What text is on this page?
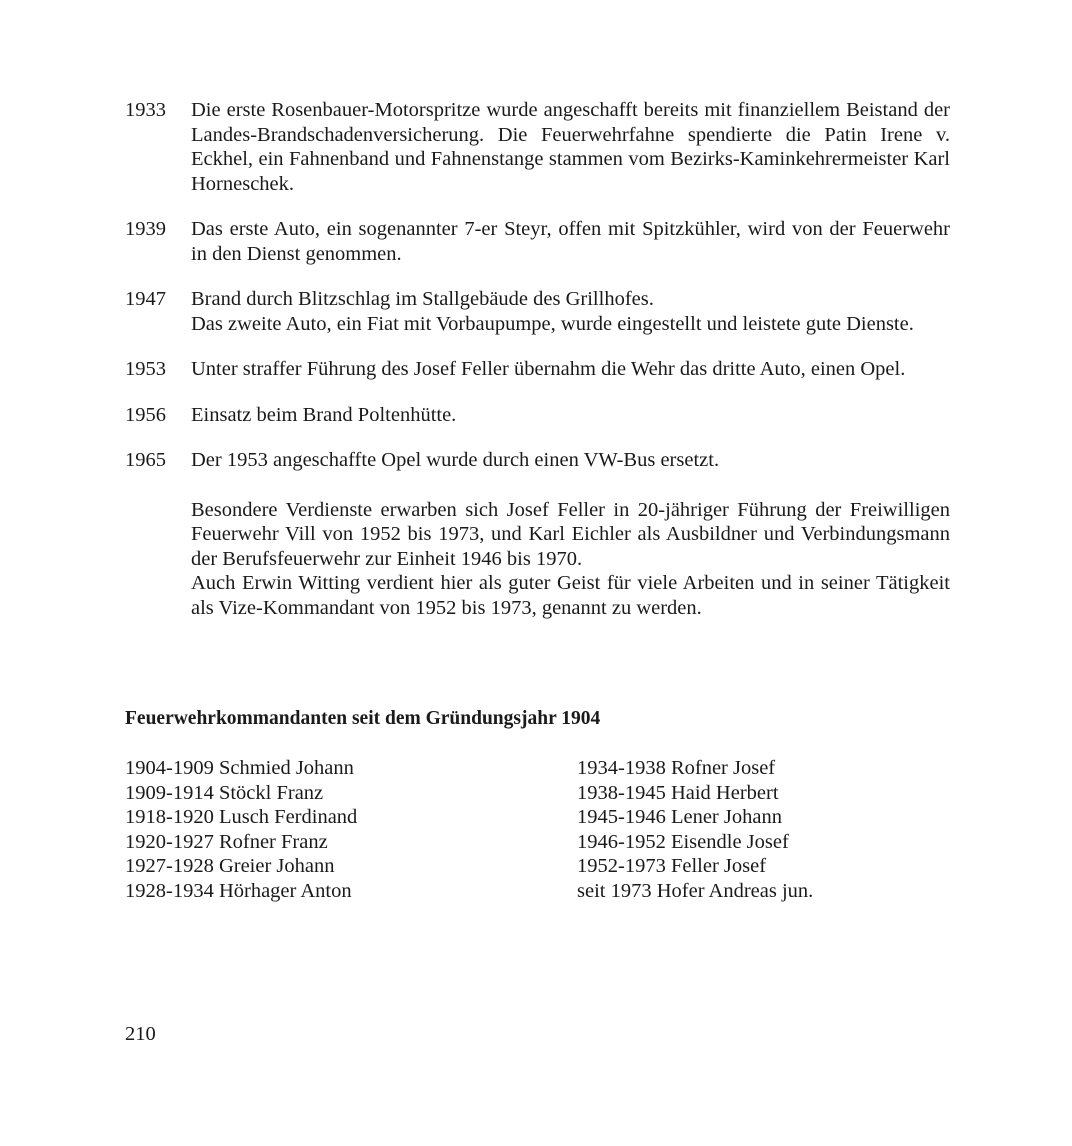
1933	Die erste Rosenbauer-Motorspritze wurde angeschafft bereits mit finanziellem Beistand der Landes-Brandschadenversicherung. Die Feuerwehrfahne spendierte die Patin Irene v. Eckhel, ein Fahnenband und Fahnenstange stammen vom Bezirks-Kaminkehrermeister Karl Horneschek.

1939	Das erste Auto, ein sogenannter 7-er Steyr, offen mit Spitzkühler, wird von der Feuerwehr in den Dienst genommen.

1947	Brand durch Blitzschlag im Stallgebäude des Grillhofes.

Das zweite Auto, ein Fiat mit Vorbaupumpe, wurde eingestellt und leistete gute Dienste.

1953	Unter straffer Führung des Josef Feller übernahm die Wehr das dritte Auto, einen Opel.

1956	Einsatz beim Brand Poltenhütte.

1965	Der 1953 angeschaffte Opel wurde durch einen VW-Bus ersetzt.

Besondere Verdienste erwarben sich Josef Feller in 20-jähriger Führung der Freiwilligen Feuerwehr Vill von 1952 bis 1973, und Karl Eichler als Ausbildner und Verbindungsmann der Berufsfeuerwehr zur Einheit 1946 bis 1970.

Auch Erwin Witting verdient hier als guter Geist für viele Arbeiten und in seiner Tätigkeit als Vize-Kommandant von 1952 bis 1973, genannt zu werden.

Feuerwehrkommandanten seit dem Gründungsjahr 1904
1904-1909 Schmied Johann
1909-1914 Stöckl Franz
1918-1920 Lusch Ferdinand
1920-1927 Rofner Franz
1927-1928 Greier Johann
1928-1934 Hörhager Anton
1934-1938 Rofner Josef
1938-1945 Haid Herbert
1945-1946 Lener Johann
1946-1952 Eisendle Josef
1952-1973 Feller Josef
seit 1973 Hofer Andreas jun.
210
